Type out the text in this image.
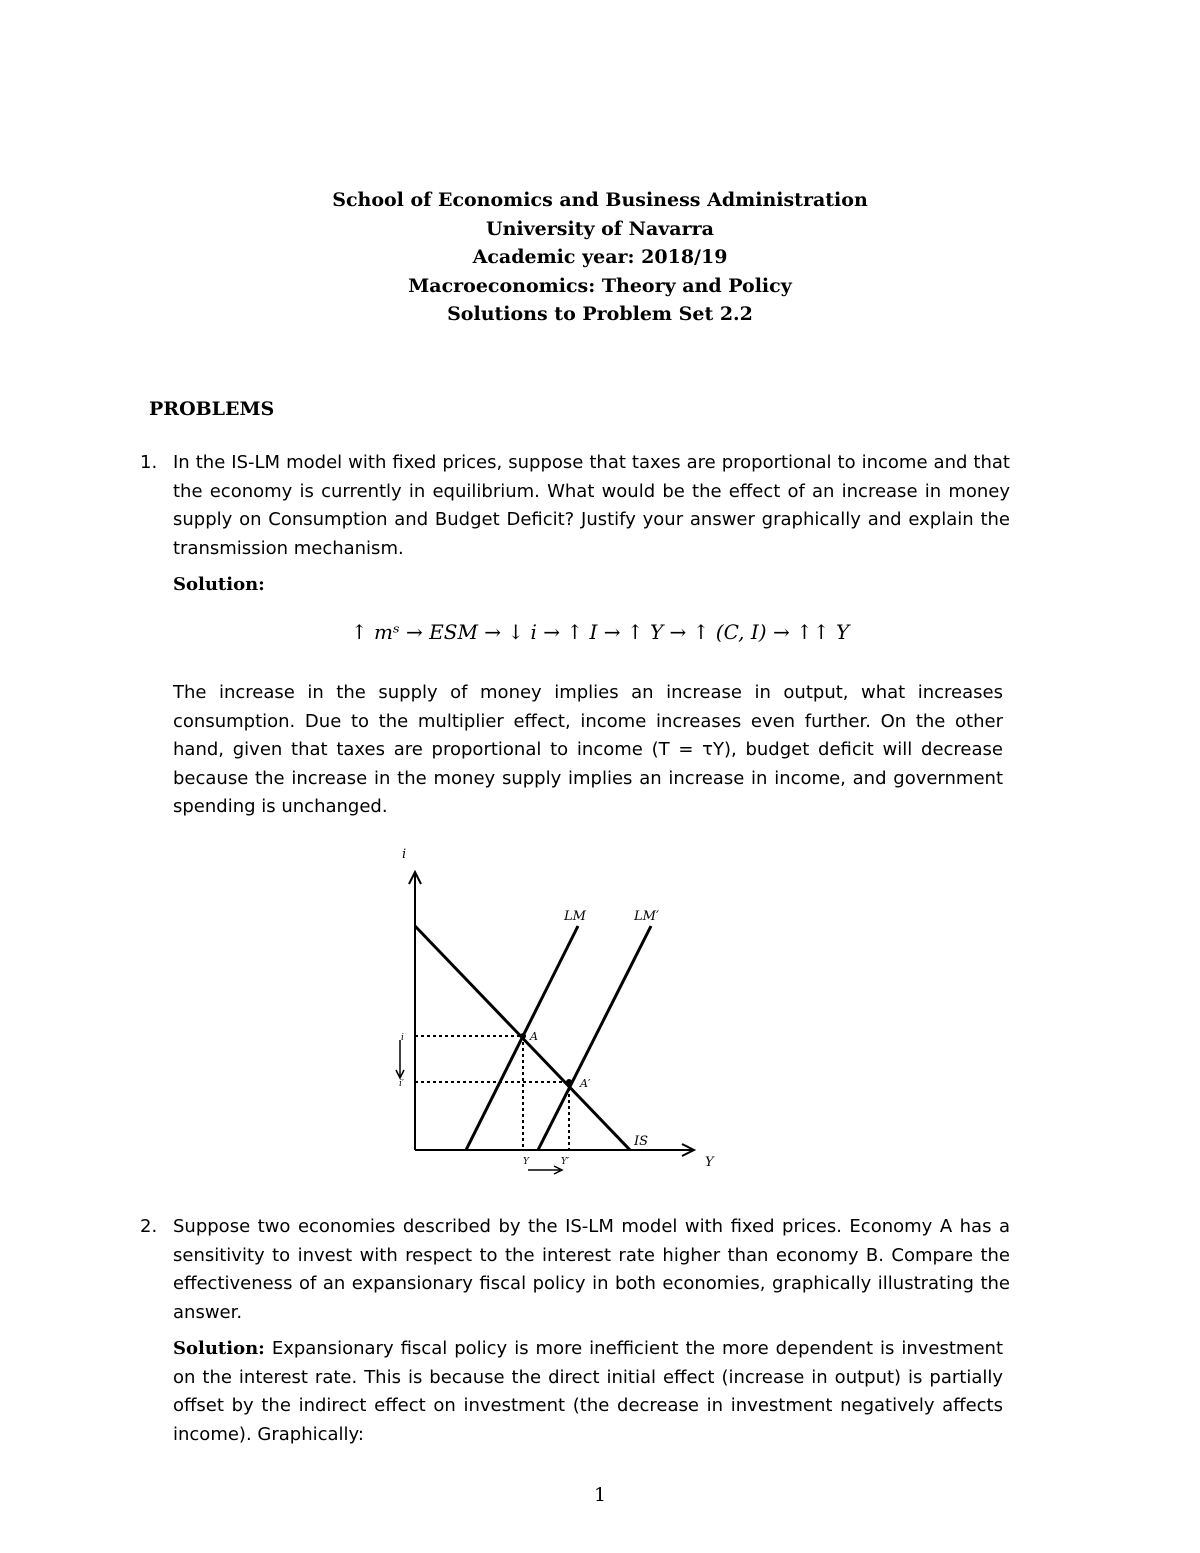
School of Economics and Business Administration
University of Navarra
Academic year: 2018/19
Macroeconomics: Theory and Policy
Solutions to Problem Set 2.2
PROBLEMS
1. In the IS-LM model with fixed prices, suppose that taxes are proportional to income and that the economy is currently in equilibrium. What would be the effect of an increase in money supply on Consumption and Budget Deficit? Justify your answer graphically and explain the transmission mechanism.
Solution:
↑ mˢ → ESM → ↓ i → ↑ I → ↑ Y → ↑ (C, I) → ↑↑ Y
The increase in the supply of money implies an increase in output, what increases consumption. Due to the multiplier effect, income increases even further. On the other hand, given that taxes are proportional to income (T = τY), budget deficit will decrease because the increase in the money supply implies an increase in income, and government spending is unchanged.
i
Y
LM	LM′
IS
A
A′
i
i′
Y	Y′
2. Suppose two economies described by the IS-LM model with fixed prices. Economy A has a sensitivity to invest with respect to the interest rate higher than economy B. Compare the effectiveness of an expansionary fiscal policy in both economies, graphically illustrating the answer.
Solution: Expansionary fiscal policy is more inefficient the more dependent is investment on the interest rate. This is because the direct initial effect (increase in output) is partially offset by the indirect effect on investment (the decrease in investment negatively affects income). Graphically:
1
